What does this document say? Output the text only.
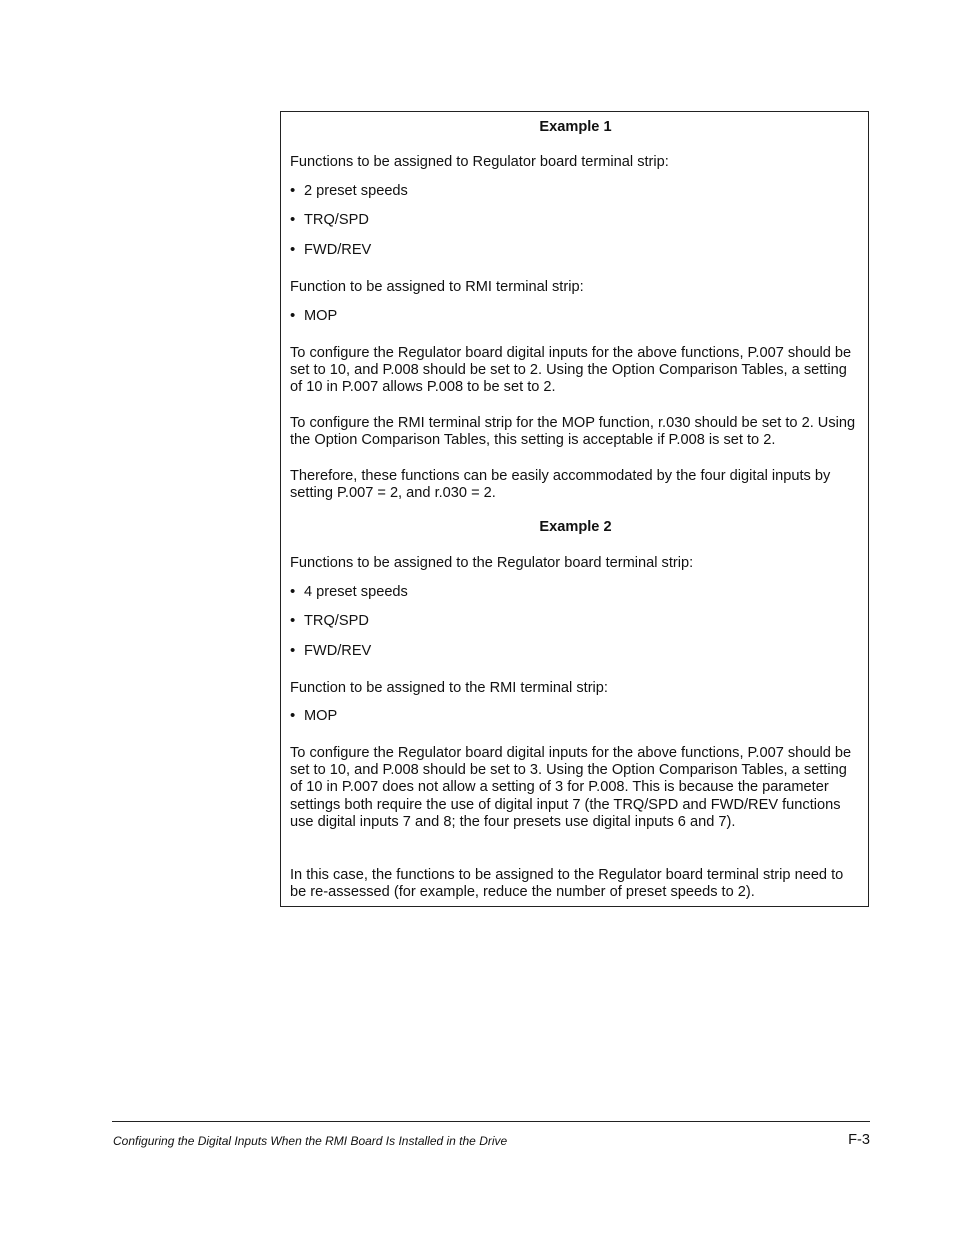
Example 1

Functions to be assigned to Regulator board terminal strip:

• 2 preset speeds
• TRQ/SPD
• FWD/REV

Function to be assigned to RMI terminal strip:

• MOP

To configure the Regulator board digital inputs for the above functions, P.007 should be set to 10, and P.008 should be set to 2. Using the Option Comparison Tables, a setting of 10 in P.007 allows P.008 to be set to 2.

To configure the RMI terminal strip for the MOP function, r.030 should be set to 2. Using the Option Comparison Tables, this setting is acceptable if P.008 is set to 2.

Therefore, these functions can be easily accommodated by the four digital inputs by setting P.007 = 2, and r.030 = 2.

Example 2

Functions to be assigned to the Regulator board terminal strip:

• 4 preset speeds
• TRQ/SPD
• FWD/REV

Function to be assigned to the RMI terminal strip:

• MOP

To configure the Regulator board digital inputs for the above functions, P.007 should be set to 10, and P.008 should be set to 3. Using the Option Comparison Tables, a setting of 10 in P.007 does not allow a setting of 3 for P.008. This is because the parameter settings both require the use of digital input 7 (the TRQ/SPD and FWD/REV functions use digital inputs 7 and 8; the four presets use digital inputs 6 and 7).

In this case, the functions to be assigned to the Regulator board terminal strip need to be re-assessed (for example, reduce the number of preset speeds to 2).

Configuring the Digital Inputs When the RMI Board Is Installed in the Drive	F-3
